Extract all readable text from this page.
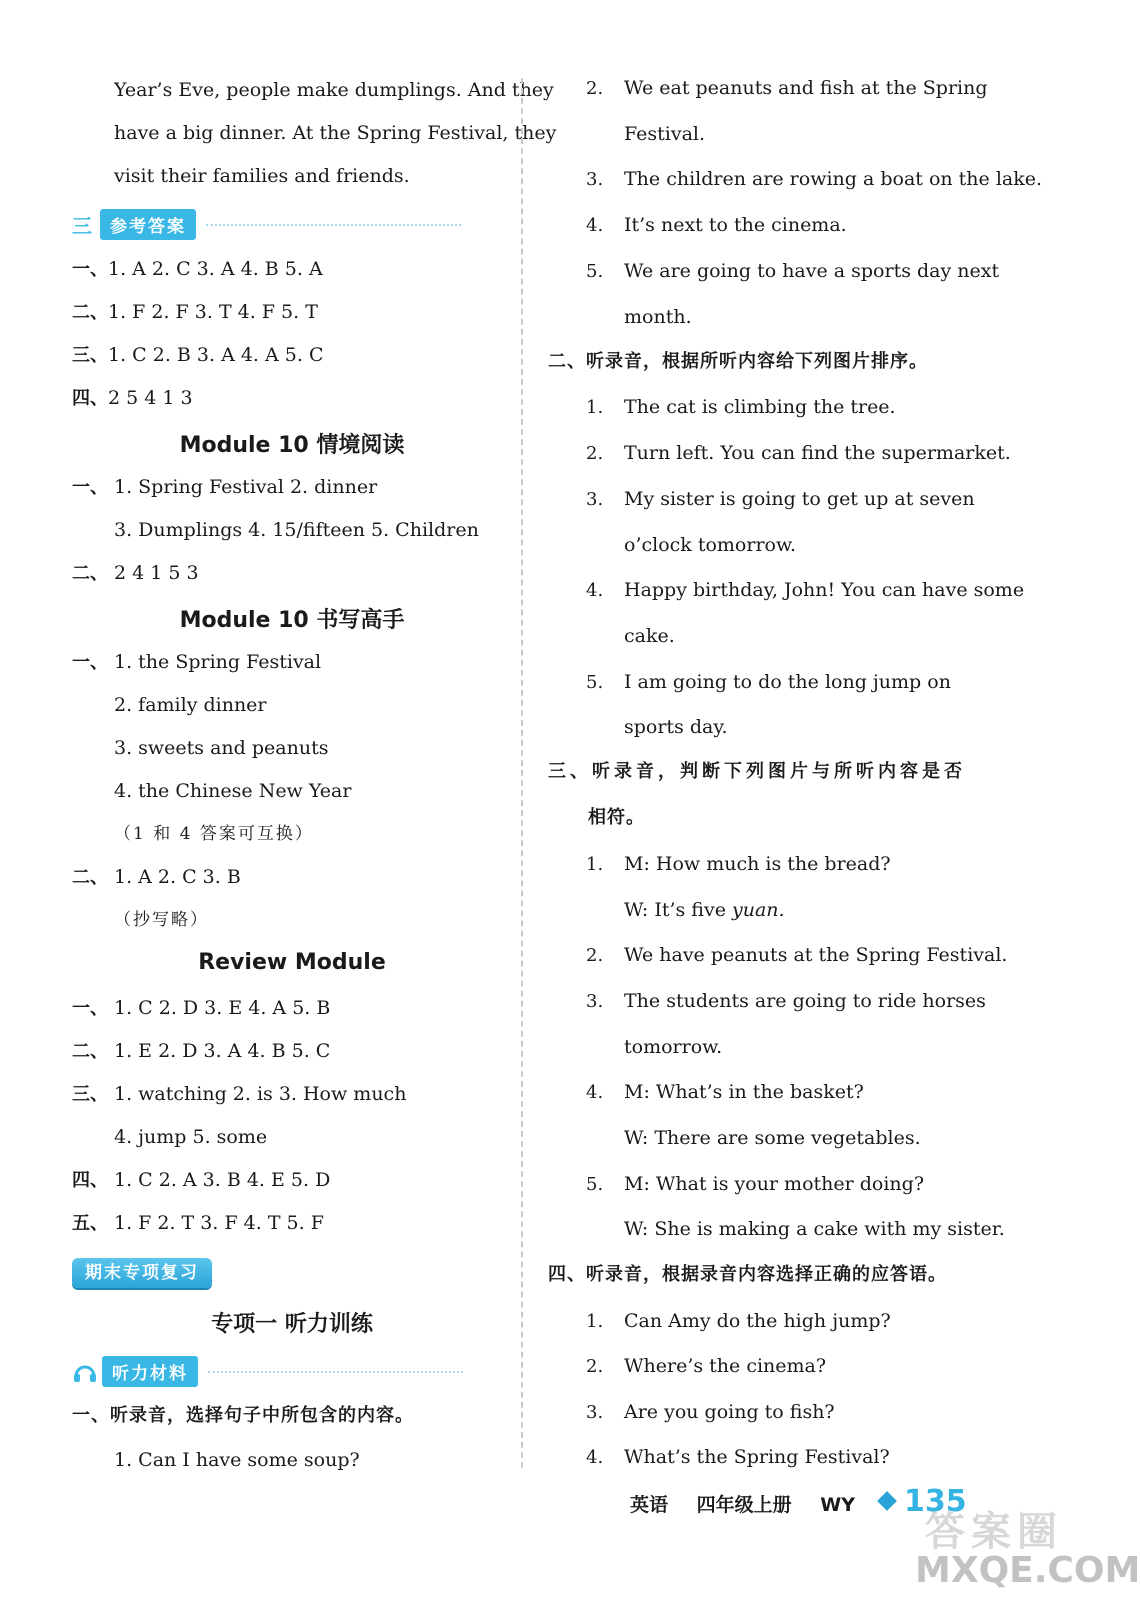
Year’s Eve, people make dumplings. And they
have a big dinner. At the Spring Festival, they
visit their families and friends.
三	参考答案
一、1. A 2. C 3. A 4. B 5. A
二、1. F 2. F 3. T 4. F 5. T
三、1. C 2. B 3. A 4. A 5. C
四、2 5 4 1 3
Module 10 情境阅读
一、 1. Spring Festival 2. dinner
3. Dumplings 4. 15/fifteen 5. Children
二、 2 4 1 5 3
Module 10 书写高手
一、 1. the Spring Festival
2. family dinner
3. sweets and peanuts
4. the Chinese New Year
（1 和 4 答案可互换）
二、 1. A 2. C 3. B
（抄写略）
Review Module
一、 1. C 2. D 3. E 4. A 5. B
二、 1. E 2. D 3. A 4. B 5. C
三、 1. watching 2. is 3. How much
4. jump 5. some
四、 1. C 2. A 3. B 4. E 5. D
五、 1. F 2. T 3. F 4. T 5. F
期末专项复习
专项一 听力训练
听力材料
一、听录音，选择句子中所包含的内容。
1. Can I have some soup?
2. We eat peanuts and fish at the Spring
Festival.
3. The children are rowing a boat on the lake.
4. It’s next to the cinema.
5. We are going to have a sports day next
month.
二、听录音，根据所听内容给下列图片排序。
1. The cat is climbing the tree.
2. Turn left. You can find the supermarket.
3. My sister is going to get up at seven
o’clock tomorrow.
4. Happy birthday, John! You can have some
cake.
5. I am going to do the long jump on
sports day.
三、听录音，判断下列图片与所听内容是否
相符。
1. M: How much is the bread?
W: It’s five yuan.
2. We have peanuts at the Spring Festival.
3. The students are going to ride horses
tomorrow.
4. M: What’s in the basket?
W: There are some vegetables.
5. M: What is your mother doing?
W: She is making a cake with my sister.
四、听录音，根据录音内容选择正确的应答语。
1. Can Amy do the high jump?
2. Where’s the cinema?
3. Are you going to fish?
4. What’s the Spring Festival?
英语 四年级上册 WY	135
答案圈
MXQE.COM
